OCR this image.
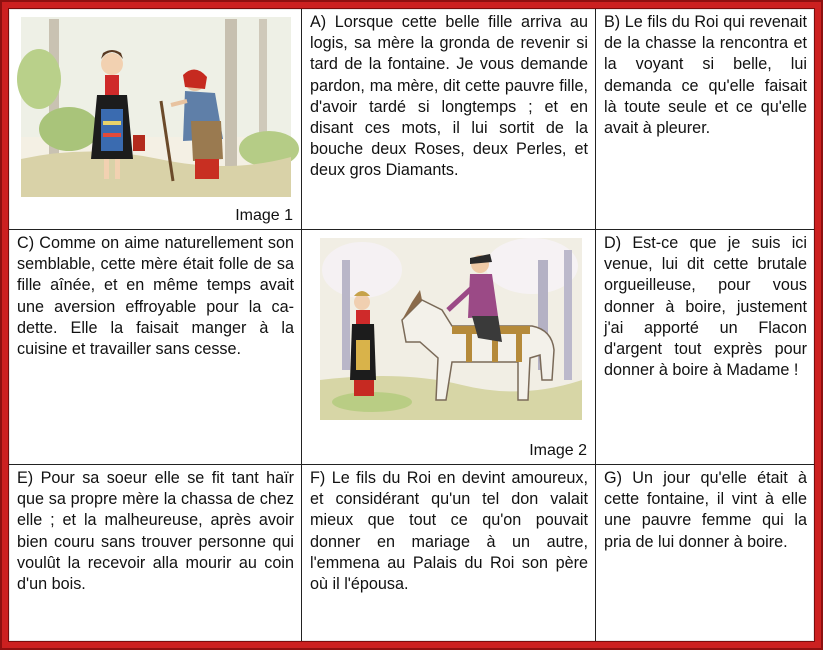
Image 1
A) Lorsque cette belle fille arriva au logis, sa mère la gronda de revenir si tard de la fontaine. Je vous demande pardon, ma mère, dit cette pauvre fille, d'avoir tardé si longtemps ; et en disant ces mots, il lui sortit de la bouche deux Roses, deux Perles, et deux gros Diamants.
B) Le fils du Roi qui revenait de la chasse la rencontra et la voyant si belle, lui demanda ce qu'elle faisait là toute seule et ce qu'elle avait à pleurer.
C) Comme on aime naturellement son semblable, cette mère était folle de sa fille aînée, et en même temps avait une aversion effroyable pour la cadette. Elle la faisait manger à la cuisine et travailler sans cesse.
Image 2
D) Est-ce que je suis ici venue, lui dit cette brutale orgueilleuse, pour vous donner à boire, justement j'ai apporté un Flacon d'argent tout exprès pour donner à boire à Madame !
E) Pour sa soeur elle se fit tant haïr que sa propre mère la chassa de chez elle ; et la malheureuse, après avoir bien couru sans trouver personne qui voulût la recevoir alla mourir au coin d'un bois.
F) Le fils du Roi en devint amoureux, et considérant qu'un tel don valait mieux que tout ce qu'on pouvait donner en mariage à un autre, l'emmena au Palais du Roi son père où il l'épousa.
G) Un jour qu'elle était à cette fontaine, il vint à elle une pauvre femme qui la pria de lui donner à boire.
